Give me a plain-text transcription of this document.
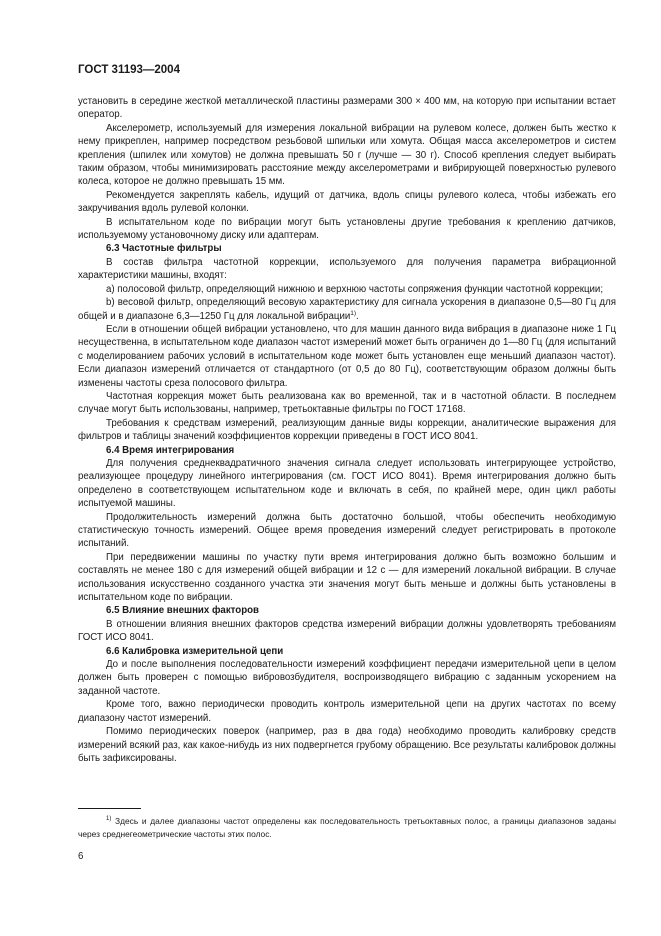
ГОСТ 31193—2004

установить в середине жесткой металлической пластины размерами 300 × 400 мм, на которую при испытании встает оператор.

Акселерометр, используемый для измерения локальной вибрации на рулевом колесе, должен быть жестко к нему прикреплен, например посредством резьбовой шпильки или хомута. Общая масса акселерометров и систем крепления (шпилек или хомутов) не должна превышать 50 г (лучше — 30 г). Способ крепления следует выбирать таким образом, чтобы минимизировать расстояние между акселерометрами и вибрирующей поверхностью рулевого колеса, которое не должно превышать 15 мм.

Рекомендуется закреплять кабель, идущий от датчика, вдоль спицы рулевого колеса, чтобы избежать его закручивания вдоль рулевой колонки.

В испытательном коде по вибрации могут быть установлены другие требования к креплению датчиков, используемому установочному диску или адаптерам.

6.3 Частотные фильтры

В состав фильтра частотной коррекции, используемого для получения параметра вибрационной характеристики машины, входят:

а) полосовой фильтр, определяющий нижнюю и верхнюю частоты сопряжения функции частотной коррекции;

b) весовой фильтр, определяющий весовую характеристику для сигнала ускорения в диапазоне 0,5—80 Гц для общей и в диапазоне 6,3—1250 Гц для локальной вибрации$^{1)}$.

Если в отношении общей вибрации установлено, что для машин данного вида вибрация в диапазоне ниже 1 Гц несущественна, в испытательном коде диапазон частот измерений может быть ограничен до 1—80 Гц (для испытаний с моделированием рабочих условий в испытательном коде может быть установлен еще меньший диапазон частот). Если диапазон измерений отличается от стандартного (от 0,5 до 80 Гц), соответствующим образом должны быть изменены частоты среза полосового фильтра.

Частотная коррекция может быть реализована как во временной, так и в частотной области. В последнем случае могут быть использованы, например, третьоктавные фильтры по ГОСТ 17168.

Требования к средствам измерений, реализующим данные виды коррекции, аналитические выражения для фильтров и таблицы значений коэффициентов коррекции приведены в ГОСТ ИСО 8041.

6.4 Время интегрирования

Для получения среднеквадратичного значения сигнала следует использовать интегрирующее устройство, реализующее процедуру линейного интегрирования (см. ГОСТ ИСО 8041). Время интегрирования должно быть определено в соответствующем испытательном коде и включать в себя, по крайней мере, один цикл работы испытуемой машины.

Продолжительность измерений должна быть достаточно большой, чтобы обеспечить необходимую статистическую точность измерений. Общее время проведения измерений следует регистрировать в протоколе испытаний.

При передвижении машины по участку пути время интегрирования должно быть возможно большим и составлять не менее 180 с для измерений общей вибрации и 12 с — для измерений локальной вибрации. В случае использования искусственно созданного участка эти значения могут быть меньше и должны быть установлены в испытательном коде по вибрации.

6.5 Влияние внешних факторов

В отношении влияния внешних факторов средства измерений вибрации должны удовлетворять требованиям ГОСТ ИСО 8041.

6.6 Калибровка измерительной цепи

До и после выполнения последовательности измерений коэффициент передачи измерительной цепи в целом должен быть проверен с помощью вибровозбудителя, воспроизводящего вибрацию с заданным ускорением на заданной частоте.

Кроме того, важно периодически проводить контроль измерительной цепи на других частотах по всему диапазону частот измерений.

Помимо периодических поверок (например, раз в два года) необходимо проводить калибровку средств измерений всякий раз, как какое-нибудь из них подвергнется грубому обращению. Все результаты калибровок должны быть зафиксированы.

$^{1)}$ Здесь и далее диапазоны частот определены как последовательность третьоктавных полос, а границы диапазонов заданы через среднегеометрические частоты этих полос.
6
